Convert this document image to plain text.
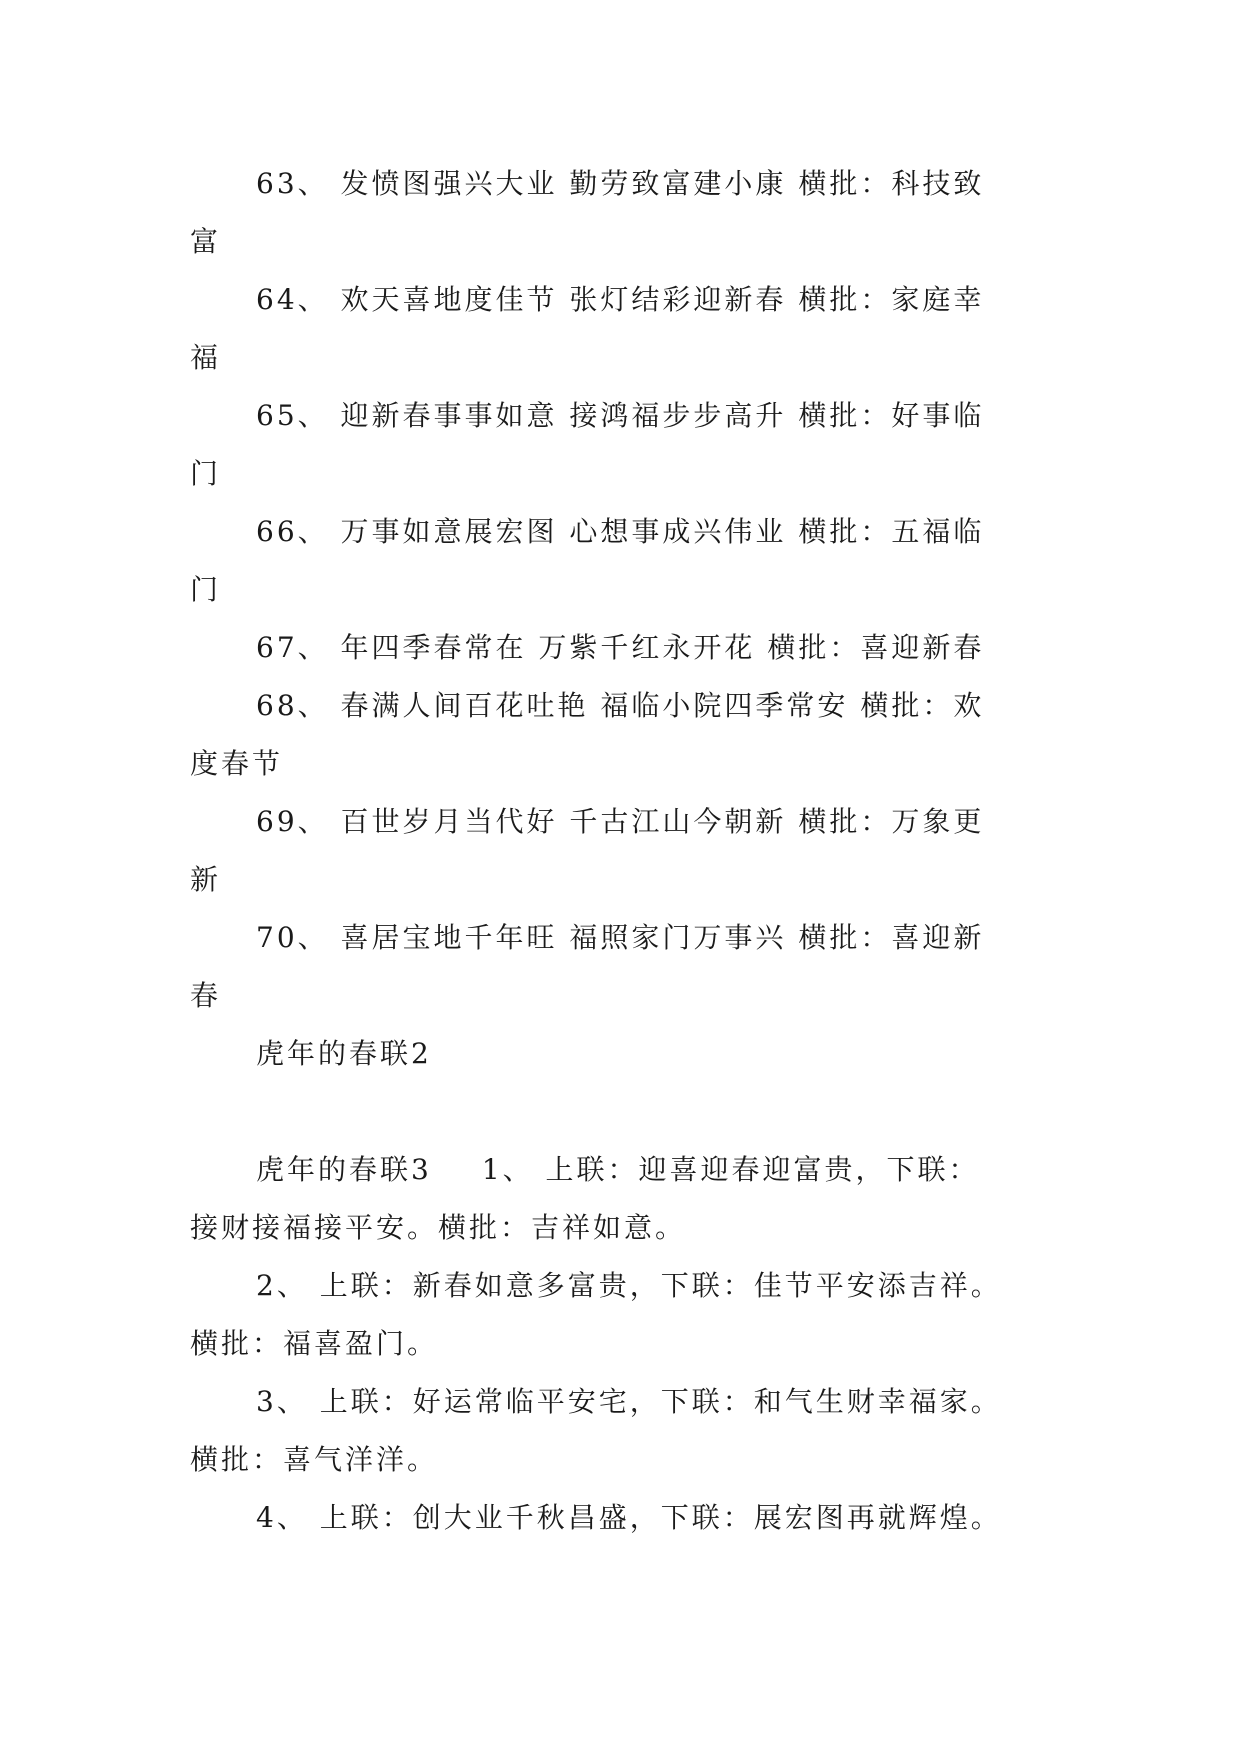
63、 发愤图强兴大业 勤劳致富建小康 横批：科技致
富
64、 欢天喜地度佳节 张灯结彩迎新春 横批：家庭幸
福
65、 迎新春事事如意 接鸿福步步高升 横批：好事临
门
66、 万事如意展宏图 心想事成兴伟业 横批：五福临
门
67、 年四季春常在 万紫千红永开花 横批：喜迎新春
68、 春满人间百花吐艳 福临小院四季常安 横批：欢
度春节
69、 百世岁月当代好 千古江山今朝新 横批：万象更
新
70、 喜居宝地千年旺 福照家门万事兴 横批：喜迎新
春
虎年的春联2
虎年的春联3 1、 上联：迎喜迎春迎富贵，下联：
接财接福接平安。横批：吉祥如意。
2、 上联：新春如意多富贵，下联：佳节平安添吉祥。
横批：福喜盈门。
3、 上联：好运常临平安宅，下联：和气生财幸福家。
横批：喜气洋洋。
4、 上联：创大业千秋昌盛，下联：展宏图再就辉煌。
